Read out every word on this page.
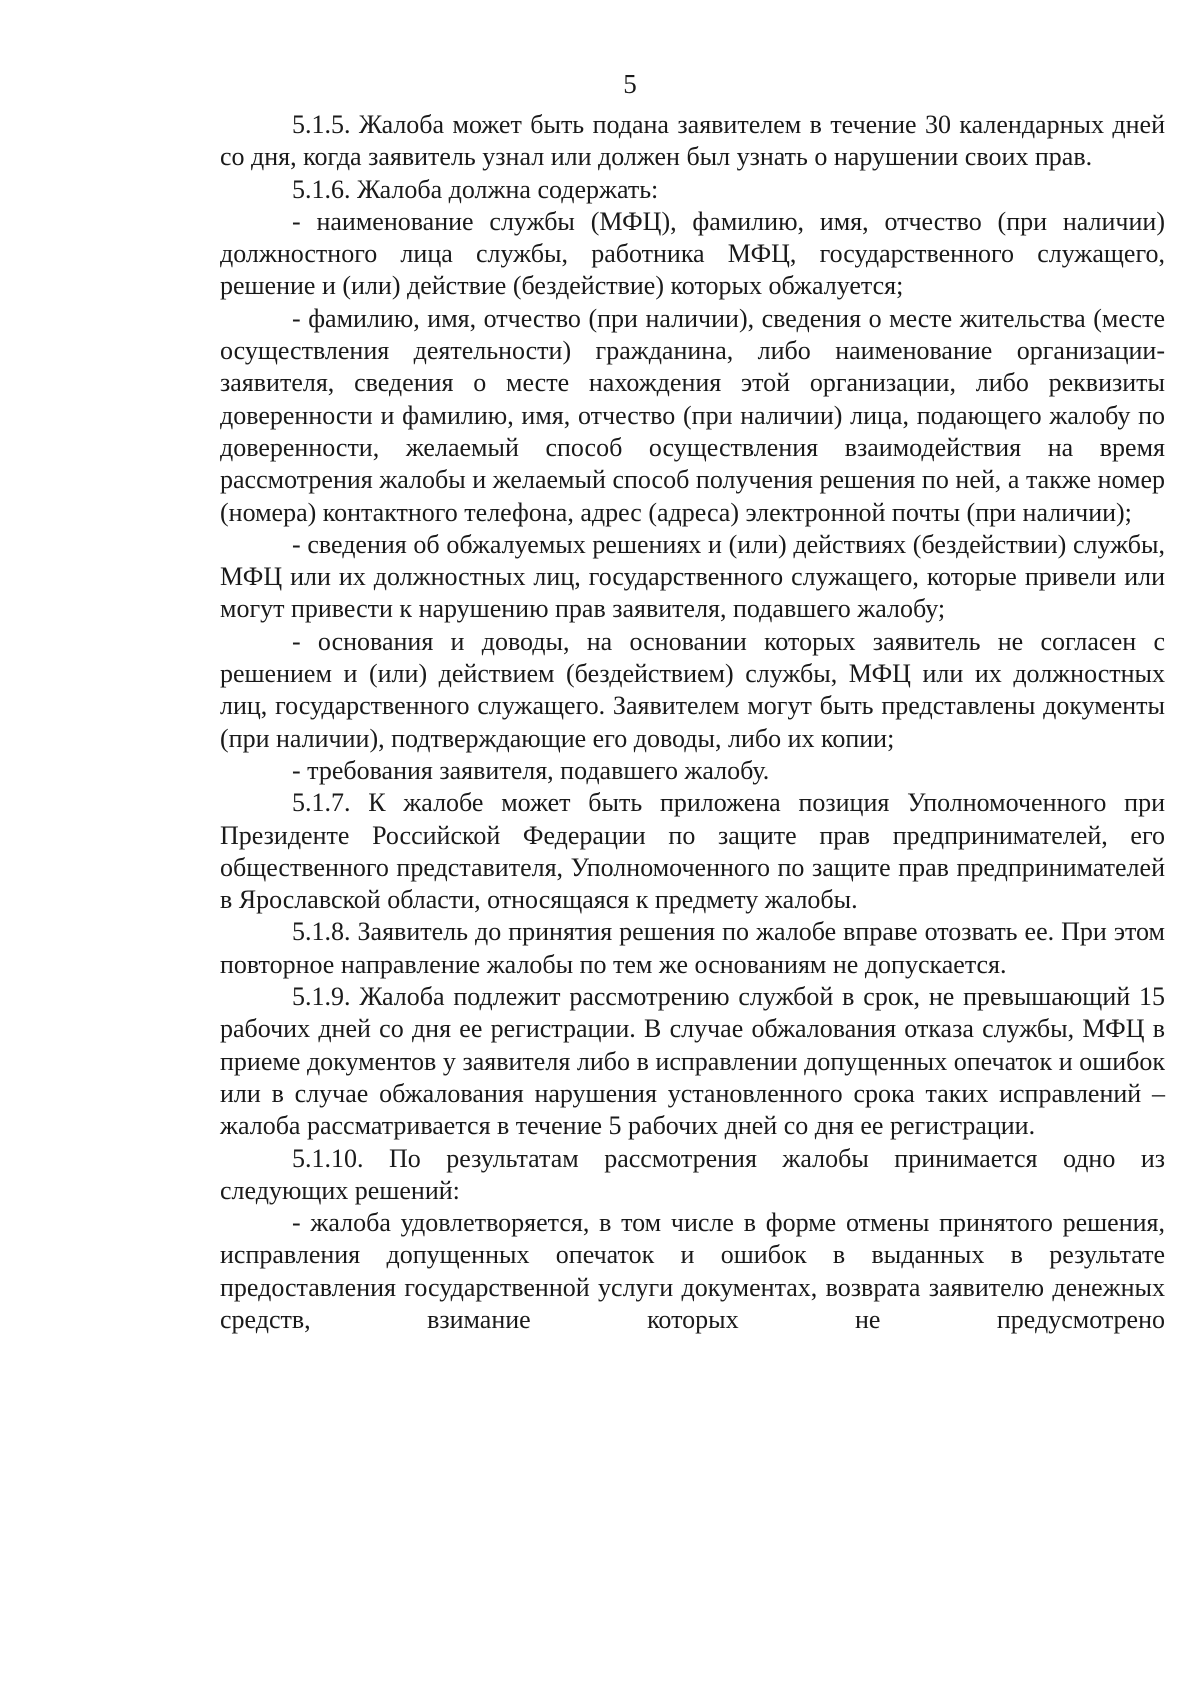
5

5.1.5. Жалоба может быть подана заявителем в течение 30 календарных дней со дня, когда заявитель узнал или должен был узнать о нарушении своих прав.

5.1.6. Жалоба должна содержать:

- наименование службы (МФЦ), фамилию, имя, отчество (при наличии) должностного лица службы, работника МФЦ, государственного служащего, решение и (или) действие (бездействие) которых обжалуется;

- фамилию, имя, отчество (при наличии), сведения о месте жительства (месте осуществления деятельности) гражданина, либо наименование организации-заявителя, сведения о месте нахождения этой организации, либо реквизиты доверенности и фамилию, имя, отчество (при наличии) лица, подающего жалобу по доверенности, желаемый способ осуществления взаимодействия на время рассмотрения жалобы и желаемый способ получения решения по ней, а также номер (номера) контактного телефона, адрес (адреса) электронной почты (при наличии);

- сведения об обжалуемых решениях и (или) действиях (бездействии) службы, МФЦ или их должностных лиц, государственного служащего, которые привели или могут привести к нарушению прав заявителя, подавшего жалобу;

- основания и доводы, на основании которых заявитель не согласен с решением и (или) действием (бездействием) службы, МФЦ или их должностных лиц, государственного служащего. Заявителем могут быть представлены документы (при наличии), подтверждающие его доводы, либо их копии;

- требования заявителя, подавшего жалобу.

5.1.7. К жалобе может быть приложена позиция Уполномоченного при Президенте Российской Федерации по защите прав предпринимателей, его общественного представителя, Уполномоченного по защите прав предпринимателей в Ярославской области, относящаяся к предмету жалобы.

5.1.8. Заявитель до принятия решения по жалобе вправе отозвать ее. При этом повторное направление жалобы по тем же основаниям не допускается.

5.1.9. Жалоба подлежит рассмотрению службой в срок, не превышающий 15 рабочих дней со дня ее регистрации. В случае обжалования отказа службы, МФЦ в приеме документов у заявителя либо в исправлении допущенных опечаток и ошибок или в случае обжалования нарушения установленного срока таких исправлений – жалоба рассматривается в течение 5 рабочих дней со дня ее регистрации.

5.1.10. По результатам рассмотрения жалобы принимается одно из следующих решений:

- жалоба удовлетворяется, в том числе в форме отмены принятого решения, исправления допущенных опечаток и ошибок в выданных в результате предоставления государственной услуги документах, возврата заявителю денежных средств, взимание которых не предусмотрено
